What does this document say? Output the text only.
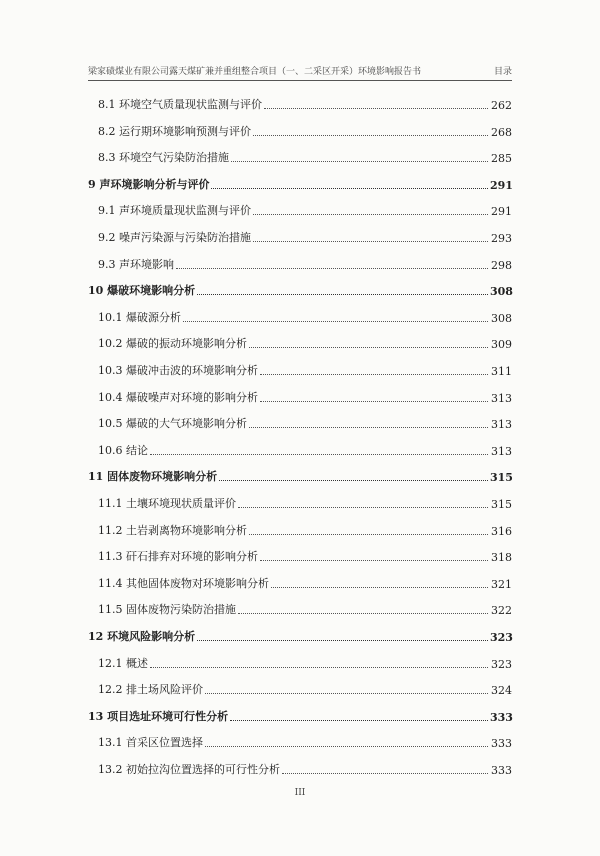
梁家碛煤业有限公司露天煤矿兼并重组整合项目（一、二采区开采）环境影响报告书	目录
8.1 环境空气质量现状监测与评价	262
8.2 运行期环境影响预测与评价	268
8.3 环境空气污染防治措施	285
9 声环境影响分析与评价	291
9.1 声环境质量现状监测与评价	291
9.2 噪声污染源与污染防治措施	293
9.3 声环境影响	298
10 爆破环境影响分析	308
10.1 爆破源分析	308
10.2 爆破的振动环境影响分析	309
10.3 爆破冲击波的环境影响分析	311
10.4 爆破噪声对环境的影响分析	313
10.5 爆破的大气环境影响分析	313
10.6 结论	313
11 固体废物环境影响分析	315
11.1 土壤环境现状质量评价	315
11.2 土岩剥离物环境影响分析	316
11.3 矸石排弃对环境的影响分析	318
11.4 其他固体废物对环境影响分析	321
11.5 固体废物污染防治措施	322
12 环境风险影响分析	323
12.1 概述	323
12.2 排土场风险评价	324
13 项目选址环境可行性分析	333
13.1 首采区位置选择	333
13.2 初始拉沟位置选择的可行性分析	333
III
